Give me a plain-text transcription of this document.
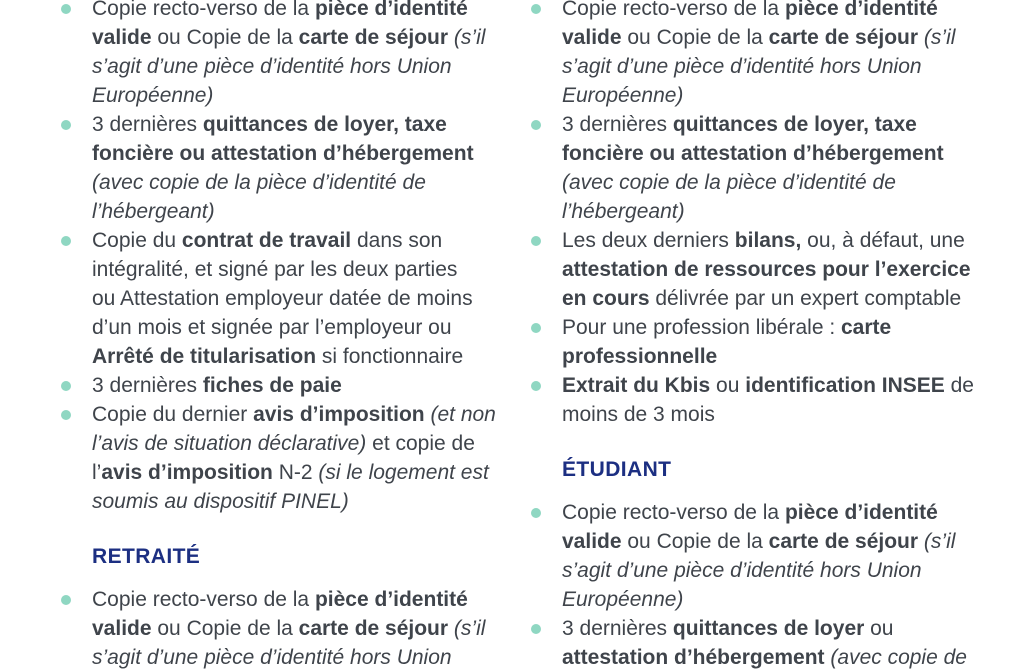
Copie recto-verso de la pièce d’identité
valide ou Copie de la carte de séjour (s’il
s’agit d’une pièce d’identité hors Union
Européenne)
3 dernières quittances de loyer, taxe
foncière ou attestation d’hébergement
(avec copie de la pièce d’identité de
l’hébergeant)
Copie du contrat de travail dans son
intégralité, et signé par les deux parties
ou Attestation employeur datée de moins
d’un mois et signée par l’employeur ou
Arrêté de titularisation si fonctionnaire
3 dernières fiches de paie
Copie du dernier avis d’imposition (et non
l’avis de situation déclarative) et copie de
l’avis d’imposition N-2 (si le logement est
soumis au dispositif PINEL)
RETRAITÉ
Copie recto-verso de la pièce d’identité
valide ou Copie de la carte de séjour (s’il
s’agit d’une pièce d’identité hors Union
Copie recto-verso de la pièce d’identité
valide ou Copie de la carte de séjour (s’il
s’agit d’une pièce d’identité hors Union
Européenne)
3 dernières quittances de loyer, taxe
foncière ou attestation d’hébergement
(avec copie de la pièce d’identité de
l’hébergeant)
Les deux derniers bilans, ou, à défaut, une
attestation de ressources pour l’exercice
en cours délivrée par un expert comptable
Pour une profession libérale : carte
professionnelle
Extrait du Kbis ou identification INSEE de
moins de 3 mois
ÉTUDIANT
Copie recto-verso de la pièce d’identité
valide ou Copie de la carte de séjour (s’il
s’agit d’une pièce d’identité hors Union
Européenne)
3 dernières quittances de loyer ou
attestation d’hébergement (avec copie de
